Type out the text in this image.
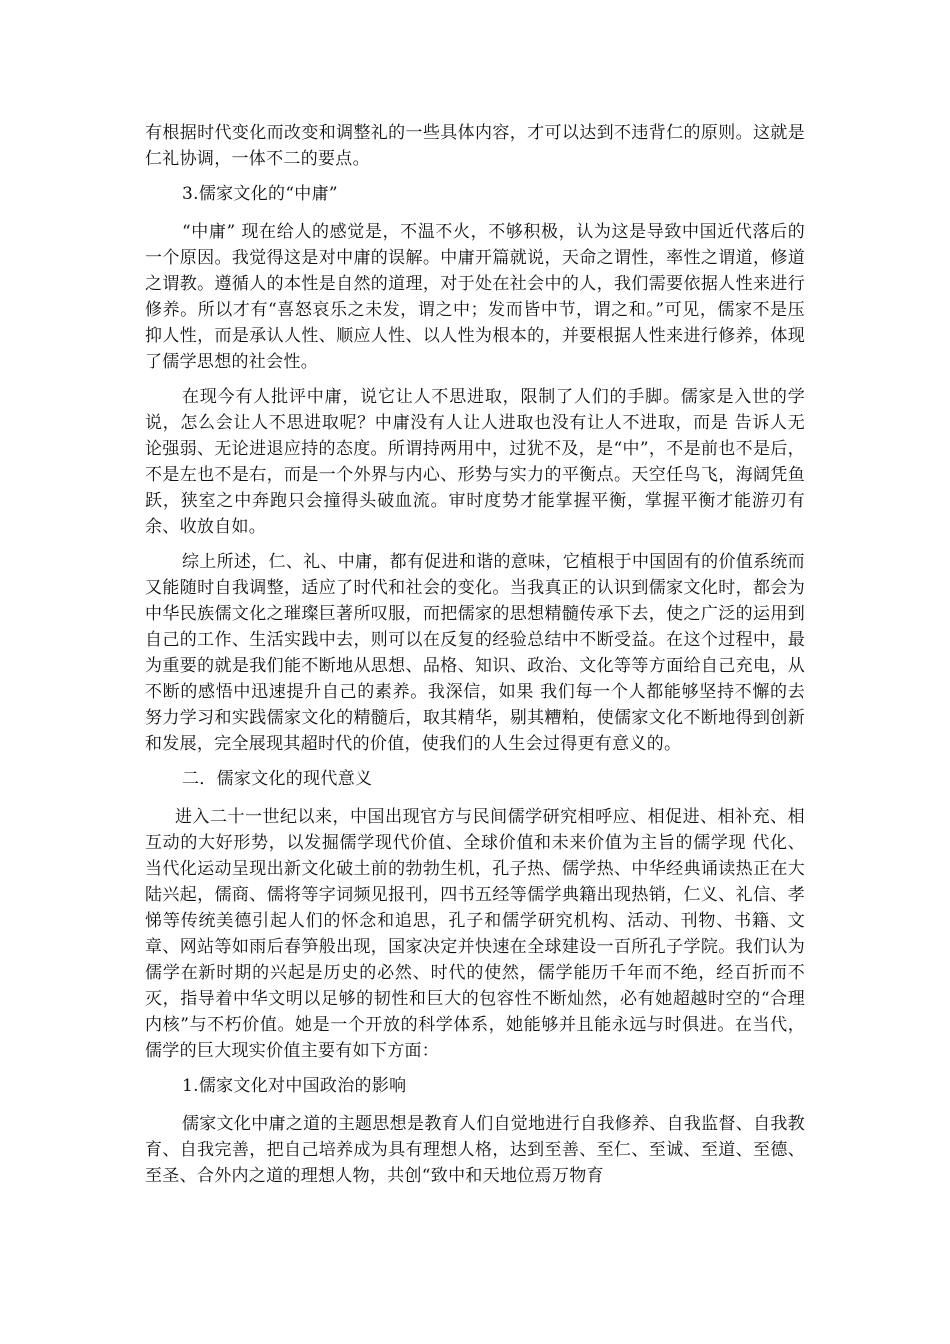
有根据时代变化而改变和调整礼的一些具体内容，才可以达到不违背仁的原则。这就是仁礼协调，一体不二的要点。

3.儒家文化的“中庸”

“中庸” 现在给人的感觉是，不温不火，不够积极，认为这是导致中国近代落后的一个原因。我觉得这是对中庸的误解。中庸开篇就说，天命之谓性，率性之谓道，修道之谓教。遵循人的本性是自然的道理，对于处在社会中的人，我们需要依据人性来进行修养。所以才有“喜怒哀乐之未发，谓之中；发而皆中节，谓之和。”可见，儒家不是压抑人性，而是承认人性、顺应人性、以人性为根本的，并要根据人性来进行修养，体现了儒学思想的社会性。

在现今有人批评中庸，说它让人不思进取，限制了人们的手脚。儒家是入世的学说，怎么会让人不思进取呢？中庸没有人让人进取也没有让人不进取，而是 告诉人无论强弱、无论进退应持的态度。所谓持两用中，过犹不及，是“中”，不是前也不是后，不是左也不是右，而是一个外界与内心、形势与实力的平衡点。天空任鸟飞，海阔凭鱼跃，狭室之中奔跑只会撞得头破血流。审时度势才能掌握平衡，掌握平衡才能游刃有余、收放自如。

综上所述，仁、礼、中庸，都有促进和谐的意味，它植根于中国固有的价值系统而又能随时自我调整，适应了时代和社会的变化。当我真正的认识到儒家文化时，都会为中华民族儒文化之璀璨巨著所叹服，而把儒家的思想精髓传承下去，使之广泛的运用到自己的工作、生活实践中去，则可以在反复的经验总结中不断受益。在这个过程中，最为重要的就是我们能不断地从思想、品格、知识、政治、文化等等方面给自己充电，从不断的感悟中迅速提升自己的素养。我深信，如果 我们每一个人都能够坚持不懈的去努力学习和实践儒家文化的精髓后，取其精华，剔其糟粕，使儒家文化不断地得到创新和发展，完全展现其超时代的价值，使我们的人生会过得更有意义的。

二．儒家文化的现代意义

进入二十一世纪以来，中国出现官方与民间儒学研究相呼应、相促进、相补充、相互动的大好形势，以发掘儒学现代价值、全球价值和未来价值为主旨的儒学现 代化、当代化运动呈现出新文化破土前的勃勃生机，孔子热、儒学热、中华经典诵读热正在大陆兴起，儒商、儒将等字词频见报刊，四书五经等儒学典籍出现热销，仁义、礼信、孝悌等传统美德引起人们的怀念和追思，孔子和儒学研究机构、活动、刊物、书籍、文章、网站等如雨后春笋般出现，国家决定并快速在全球建设一百所孔子学院。我们认为儒学在新时期的兴起是历史的必然、时代的使然，儒学能历千年而不绝，经百折而不灭，指导着中华文明以足够的韧性和巨大的包容性不断灿然，必有她超越时空的“合理内核”与不朽价值。她是一个开放的科学体系，她能够并且能永远与时俱进。在当代，儒学的巨大现实价值主要有如下方面：

1.儒家文化对中国政治的影响

儒家文化中庸之道的主题思想是教育人们自觉地进行自我修养、自我监督、自我教育、自我完善，把自己培养成为具有理想人格，达到至善、至仁、至诚、至道、至德、至圣、合外内之道的理想人物，共创“致中和天地位焉万物育
